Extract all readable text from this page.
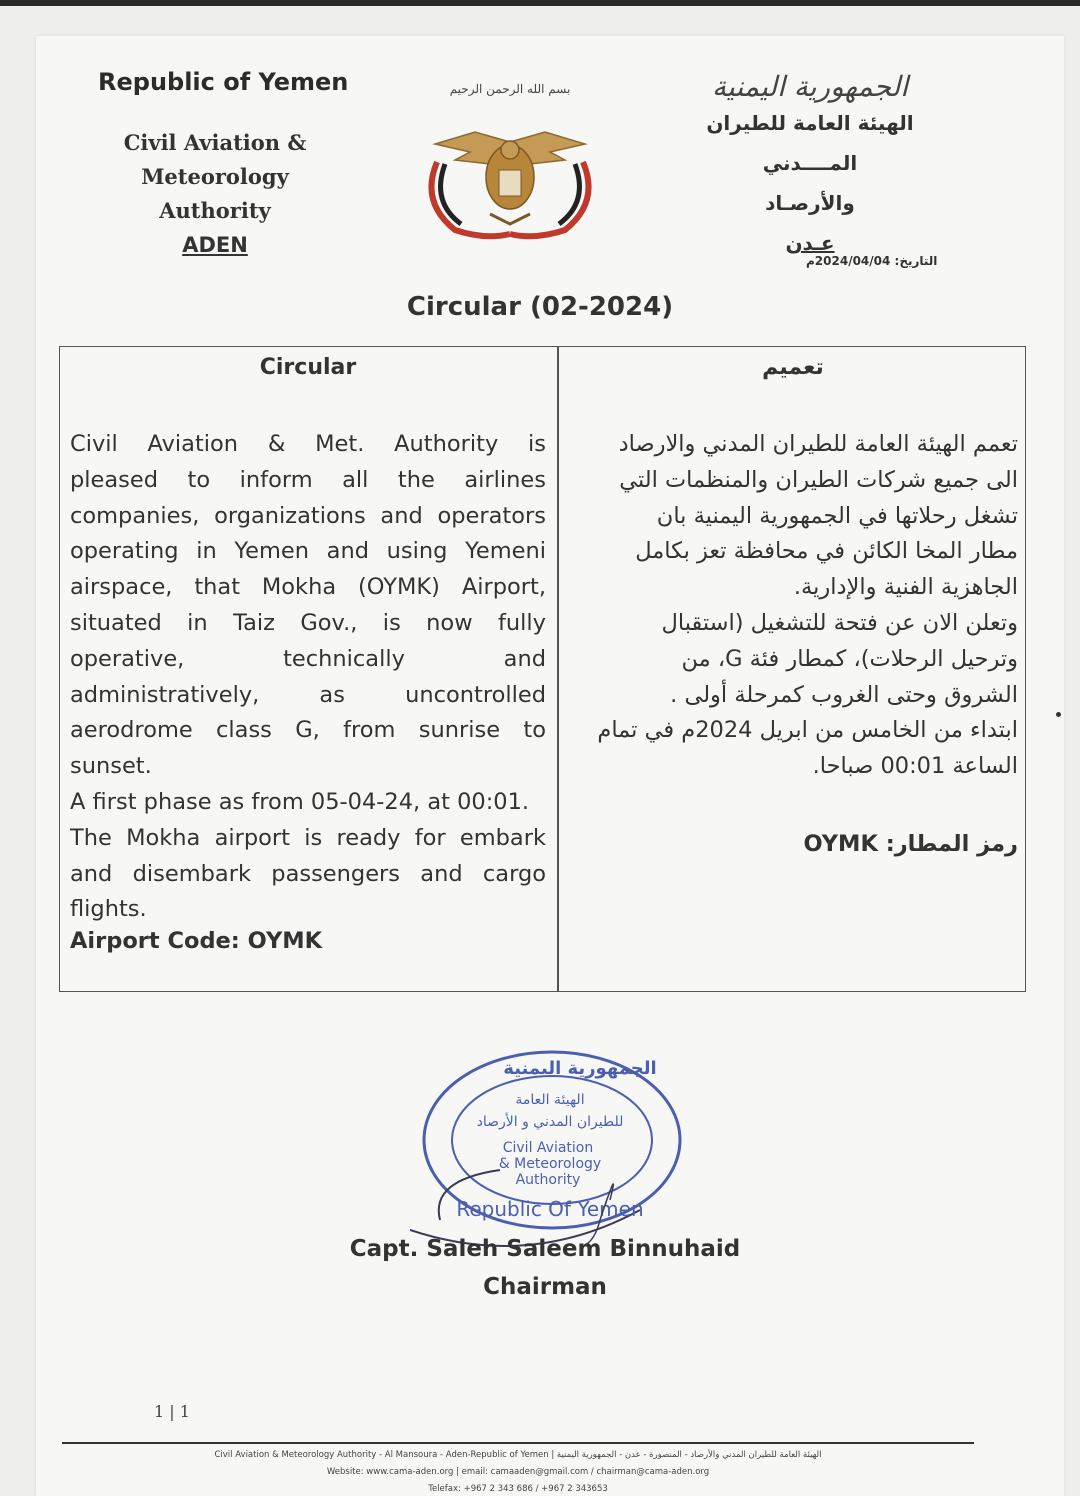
Republic of Yemen
Civil Aviation & Meteorology
Authority
ADEN
بسم الله الرحمن الرحيم	الجمهورية اليمنية
الهيئة العامة للطيران المــــدني
والأرصـاد
عـدن
التاريخ: 2024/04/04م
Circular (02-2024)
Circular
Civil Aviation & Met. Authority is
pleased to inform all the airlines
companies, organizations and operators
operating in Yemen and using Yemeni
airspace, that Mokha (OYMK) Airport,
situated in Taiz Gov., is now fully
operative, technically and
administratively, as uncontrolled
aerodrome class G, from sunrise to
sunset.
A first phase as from 05-04-24, at 00:01.
The Mokha airport is ready for embark
and disembark passengers and cargo
flights.
Airport Code: OYMK
تعميم
تعمم الهيئة العامة للطيران المدني والارصاد
الى جميع شركات الطيران والمنظمات التي
تشغل رحلاتها في الجمهورية اليمنية بان
مطار المخا الكائن في محافظة تعز بكامل
الجاهزية الفنية والإدارية.
وتعلن الان عن فتحة للتشغيل (استقبال
وترحيل الرحلات)، كمطار فئة G، من
الشروق وحتى الغروب كمرحلة أولى .
ابتداء من الخامس من ابريل 2024م في تمام
الساعة 00:01 صباحا.
رمز المطار: OYMK
الجمهورية اليمنية
الهيئة العامة
للطيران المدني و الأرصاد
Civil Aviation
& Meteorology
Authority
Republic Of Yemen
Capt. Saleh Saleem Binnuhaid
Chairman
1 | 1
Civil Aviation & Meteorology Authority - Al Mansoura - Aden-Republic of Yemen | الهيئة العامة للطيران المدني والأرصاد - المنصورة - عدن - الجمهورية اليمنية
Website: www.cama-aden.org | email: camaaden@gmail.com / chairman@cama-aden.org
Telefax: +967 2 343 686 / +967 2 343653
